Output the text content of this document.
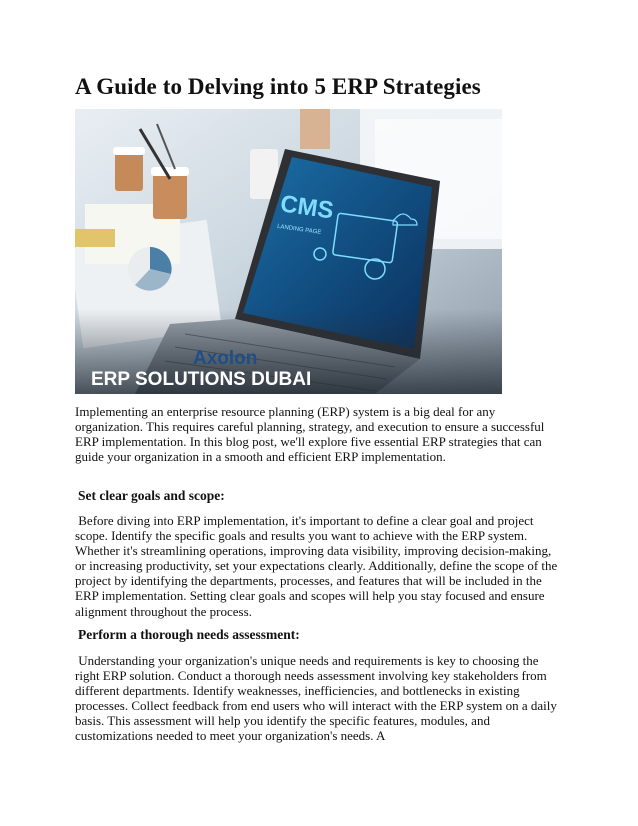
A Guide to Delving into 5 ERP Strategies
CMS
LANDING PAGE
Axolon
ERP SOLUTIONS DUBAI

Implementing an enterprise resource planning (ERP) system is a big deal for any organization. This requires careful planning, strategy, and execution to ensure a successful ERP implementation. In this blog post, we'll explore five essential ERP strategies that can guide your organization in a smooth and efficient ERP implementation.

Set clear goals and scope:

Before diving into ERP implementation, it's important to define a clear goal and project scope. Identify the specific goals and results you want to achieve with the ERP system. Whether it's streamlining operations, improving data visibility, improving decision-making, or increasing productivity, set your expectations clearly. Additionally, define the scope of the project by identifying the departments, processes, and features that will be included in the ERP implementation. Setting clear goals and scopes will help you stay focused and ensure alignment throughout the process.

Perform a thorough needs assessment:

Understanding your organization's unique needs and requirements is key to choosing the right ERP solution. Conduct a thorough needs assessment involving key stakeholders from different departments. Identify weaknesses, inefficiencies, and bottlenecks in existing processes. Collect feedback from end users who will interact with the ERP system on a daily basis. This assessment will help you identify the specific features, modules, and customizations needed to meet your organization's needs. A
